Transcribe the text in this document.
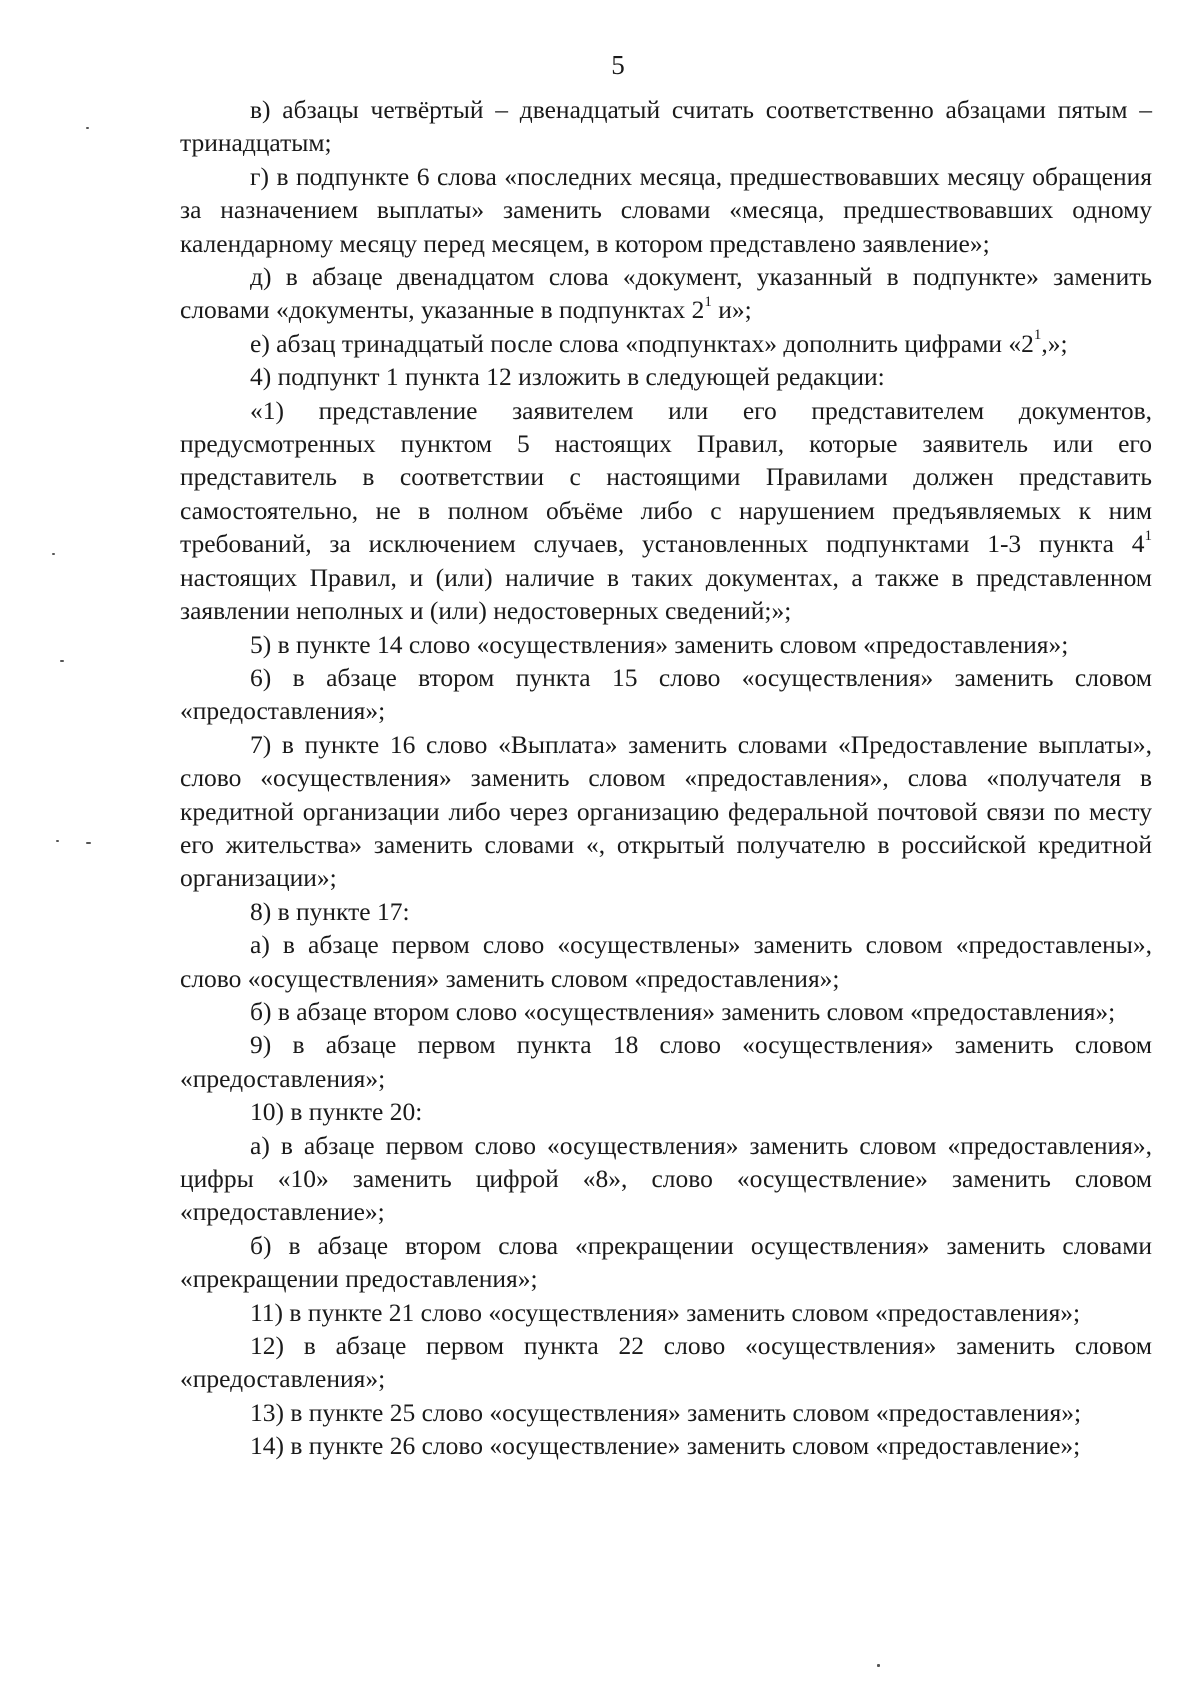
5

в) абзацы четвёртый – двенадцатый считать соответственно абзацами пятым – тринадцатым;

г) в подпункте 6 слова «последних месяца, предшествовавших месяцу обращения за назначением выплаты» заменить словами «месяца, предшествовавших одному календарному месяцу перед месяцем, в котором представлено заявление»;

д) в абзаце двенадцатом слова «документ, указанный в подпункте» заменить словами «документы, указанные в подпунктах $2^1$ и»;

е) абзац тринадцатый после слова «подпунктах» дополнить цифрами «$2^1$,»;

4) подпункт 1 пункта 12 изложить в следующей редакции:

«1) представление заявителем или его представителем документов, предусмотренных пунктом 5 настоящих Правил, которые заявитель или его представитель в соответствии с настоящими Правилами должен представить самостоятельно, не в полном объёме либо с нарушением предъявляемых к ним требований, за исключением случаев, установленных подпунктами 1-3 пункта $4^1$ настоящих Правил, и (или) наличие в таких документах, а также в представленном заявлении неполных и (или) недостоверных сведений;»;

5) в пункте 14 слово «осуществления» заменить словом «предоставления»;

6) в абзаце втором пункта 15 слово «осуществления» заменить словом «предоставления»;

7) в пункте 16 слово «Выплата» заменить словами «Предоставление выплаты», слово «осуществления» заменить словом «предоставления», слова «получателя в кредитной организации либо через организацию федеральной почтовой связи по месту его жительства» заменить словами «, открытый получателю в российской кредитной организации»;

8) в пункте 17:

а) в абзаце первом слово «осуществлены» заменить словом «предоставлены», слово «осуществления» заменить словом «предоставления»;

б) в абзаце втором слово «осуществления» заменить словом «предоставления»;

9) в абзаце первом пункта 18 слово «осуществления» заменить словом «предоставления»;

10) в пункте 20:

а) в абзаце первом слово «осуществления» заменить словом «предоставления», цифры «10» заменить цифрой «8», слово «осуществление» заменить словом «предоставление»;

б) в абзаце втором слова «прекращении осуществления» заменить словами «прекращении предоставления»;

11) в пункте 21 слово «осуществления» заменить словом «предоставления»;

12) в абзаце первом пункта 22 слово «осуществления» заменить словом «предоставления»;

13) в пункте 25 слово «осуществления» заменить словом «предоставления»;

14) в пункте 26 слово «осуществление» заменить словом «предоставление»;
